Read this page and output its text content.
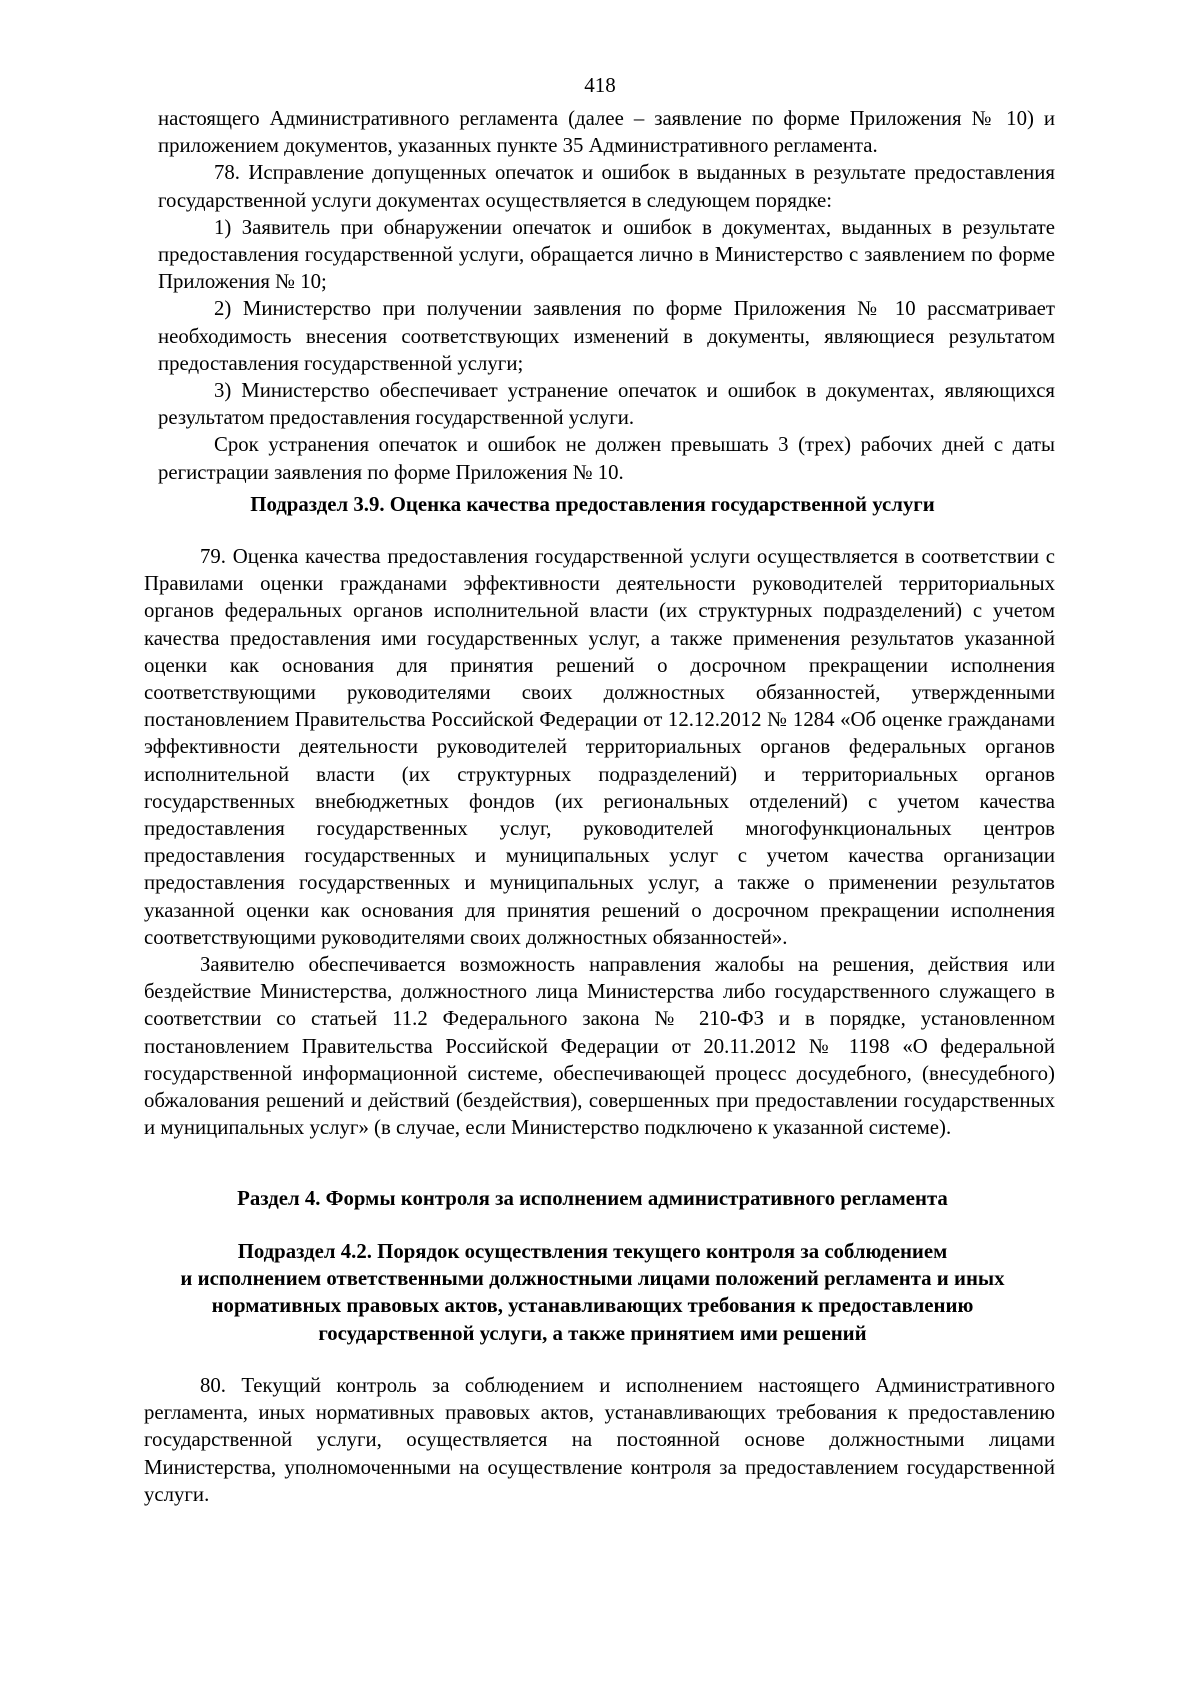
418

настоящего Административного регламента (далее – заявление по форме Приложения № 10) и приложением документов, указанных пункте 35 Административного регламента.

78. Исправление допущенных опечаток и ошибок в выданных в результате предоставления государственной услуги документах осуществляется в следующем порядке:

1) Заявитель при обнаружении опечаток и ошибок в документах, выданных в результате предоставления государственной услуги, обращается лично в Министерство с заявлением по форме Приложения № 10;

2) Министерство при получении заявления по форме Приложения № 10 рассматривает необходимость внесения соответствующих изменений в документы, являющиеся результатом предоставления государственной услуги;

3) Министерство обеспечивает устранение опечаток и ошибок в документах, являющихся результатом предоставления государственной услуги.

Срок устранения опечаток и ошибок не должен превышать 3 (трех) рабочих дней с даты регистрации заявления по форме Приложения № 10.

Подраздел 3.9. Оценка качества предоставления государственной услуги

79. Оценка качества предоставления государственной услуги осуществляется в соответствии с Правилами оценки гражданами эффективности деятельности руководителей территориальных органов федеральных органов исполнительной власти (их структурных подразделений) с учетом качества предоставления ими государственных услуг, а также применения результатов указанной оценки как основания для принятия решений о досрочном прекращении исполнения соответствующими руководителями своих должностных обязанностей, утвержденными постановлением Правительства Российской Федерации от 12.12.2012 № 1284 «Об оценке гражданами эффективности деятельности руководителей территориальных органов федеральных органов исполнительной власти (их структурных подразделений) и территориальных органов государственных внебюджетных фондов (их региональных отделений) с учетом качества предоставления государственных услуг, руководителей многофункциональных центров предоставления государственных и муниципальных услуг с учетом качества организации предоставления государственных и муниципальных услуг, а также о применении результатов указанной оценки как основания для принятия решений о досрочном прекращении исполнения соответствующими руководителями своих должностных обязанностей».

Заявителю обеспечивается возможность направления жалобы на решения, действия или бездействие Министерства, должностного лица Министерства либо государственного служащего в соответствии со статьей 11.2 Федерального закона № 210-ФЗ и в порядке, установленном постановлением Правительства Российской Федерации от 20.11.2012 № 1198 «О федеральной государственной информационной системе, обеспечивающей процесс досудебного, (внесудебного) обжалования решений и действий (бездействия), совершенных при предоставлении государственных и муниципальных услуг» (в случае, если Министерство подключено к указанной системе).

Раздел 4. Формы контроля за исполнением административного регламента
Подраздел 4.2. Порядок осуществления текущего контроля за соблюдением
и исполнением ответственными должностными лицами положений регламента и иных
нормативных правовых актов, устанавливающих требования к предоставлению
государственной услуги, а также принятием ими решений

80. Текущий контроль за соблюдением и исполнением настоящего Административного регламента, иных нормативных правовых актов, устанавливающих требования к предоставлению государственной услуги, осуществляется на постоянной основе должностными лицами Министерства, уполномоченными на осуществление контроля за предоставлением государственной услуги.
